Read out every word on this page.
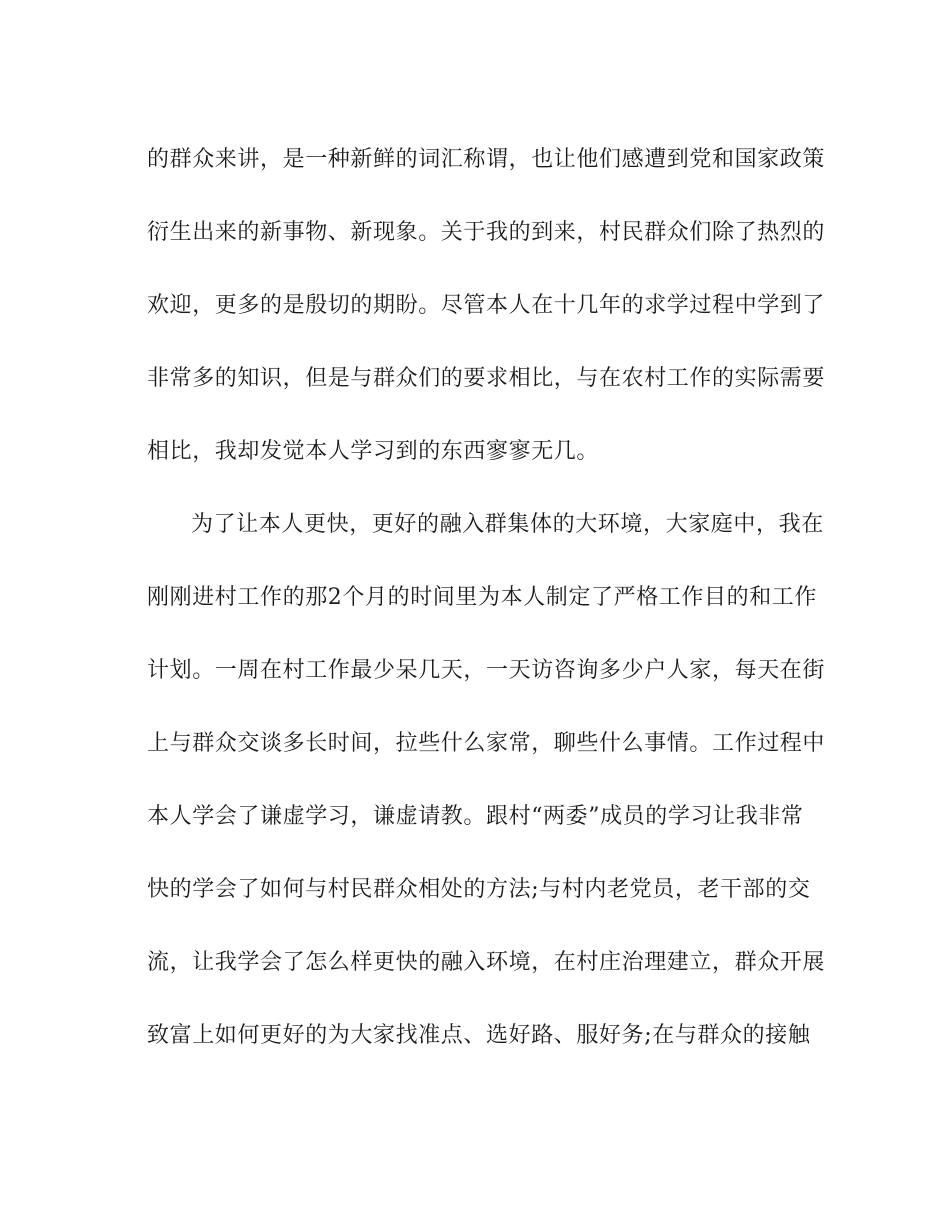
的群众来讲，是一种新鲜的词汇称谓，也让他们感遭到党和国家政策
衍生出来的新事物、新现象。关于我的到来，村民群众们除了热烈的
欢迎，更多的是殷切的期盼。尽管本人在十几年的求学过程中学到了
非常多的知识，但是与群众们的要求相比，与在农村工作的实际需要
相比，我却发觉本人学习到的东西寥寥无几。
为了让本人更快，更好的融入群集体的大环境，大家庭中，我在
刚刚进村工作的那2个月的时间里为本人制定了严格工作目的和工作
计划。一周在村工作最少呆几天，一天访咨询多少户人家，每天在街
上与群众交谈多长时间，拉些什么家常，聊些什么事情。工作过程中
本人学会了谦虚学习，谦虚请教。跟村“两委”成员的学习让我非常
快的学会了如何与村民群众相处的方法;与村内老党员，老干部的交
流，让我学会了怎么样更快的融入环境，在村庄治理建立，群众开展
致富上如何更好的为大家找准点、选好路、服好务;在与群众的接触
